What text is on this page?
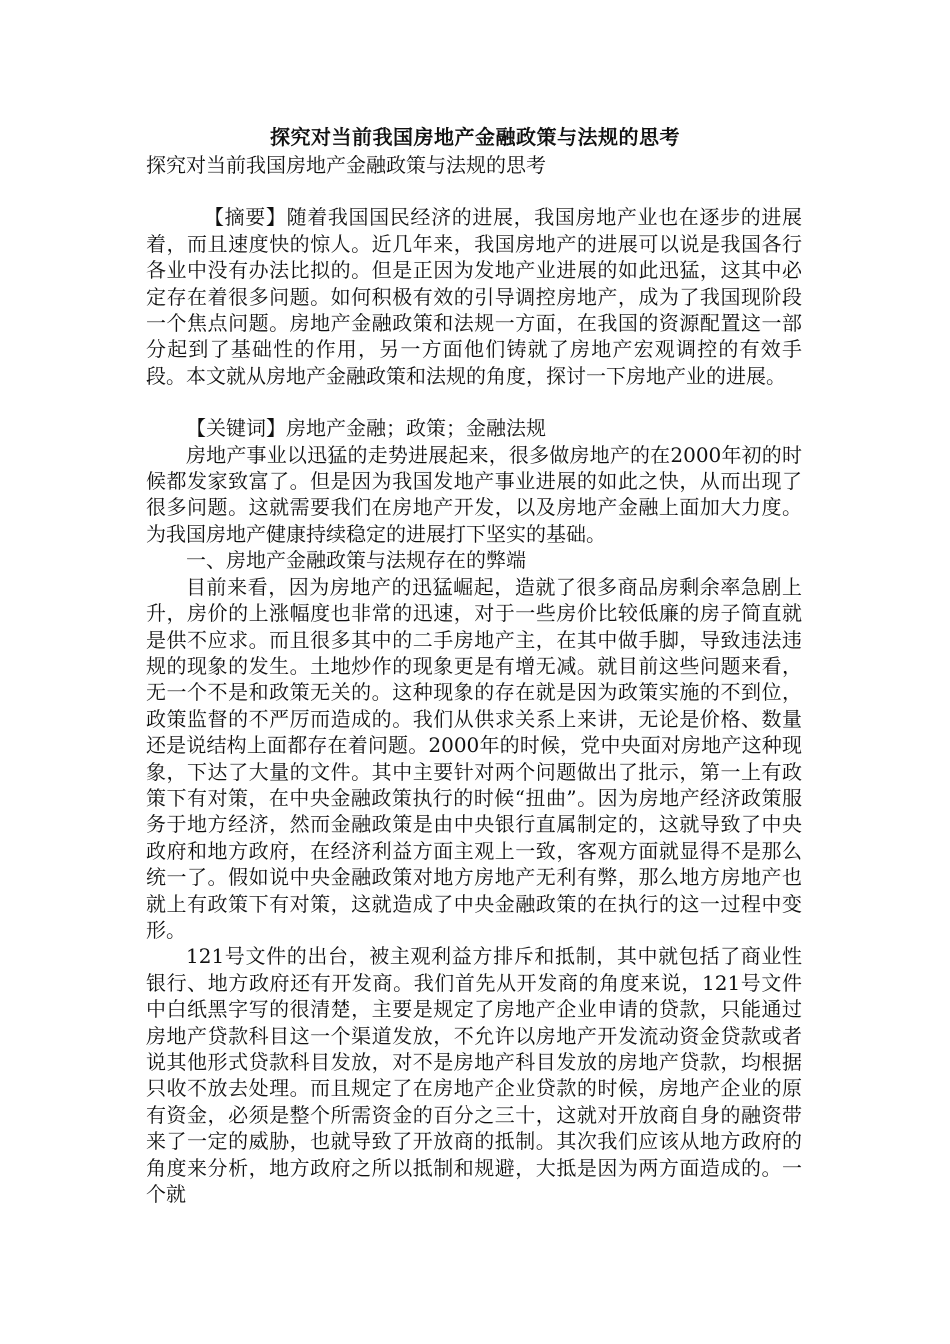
探究对当前我国房地产金融政策与法规的思考

探究对当前我国房地产金融政策与法规的思考

【摘要】随着我国国民经济的进展，我国房地产业也在逐步的进展着，而且速度快的惊人。近几年来，我国房地产的进展可以说是我国各行各业中没有办法比拟的。但是正因为发地产业进展的如此迅猛，这其中必定存在着很多问题。如何积极有效的引导调控房地产，成为了我国现阶段一个焦点问题。房地产金融政策和法规一方面，在我国的资源配置这一部分起到了基础性的作用，另一方面他们铸就了房地产宏观调控的有效手段。本文就从房地产金融政策和法规的角度，探讨一下房地产业的进展。

【关键词】房地产金融；政策；金融法规

房地产事业以迅猛的走势进展起来，很多做房地产的在2000年初的时候都发家致富了。但是因为我国发地产事业进展的如此之快，从而出现了很多问题。这就需要我们在房地产开发，以及房地产金融上面加大力度。为我国房地产健康持续稳定的进展打下坚实的基础。

一、房地产金融政策与法规存在的弊端

目前来看，因为房地产的迅猛崛起，造就了很多商品房剩余率急剧上升，房价的上涨幅度也非常的迅速，对于一些房价比较低廉的房子简直就是供不应求。而且很多其中的二手房地产主，在其中做手脚，导致违法违规的现象的发生。土地炒作的现象更是有增无减。就目前这些问题来看，无一个不是和政策无关的。这种现象的存在就是因为政策实施的不到位，政策监督的不严厉而造成的。我们从供求关系上来讲，无论是价格、数量还是说结构上面都存在着问题。2000年的时候，党中央面对房地产这种现象，下达了大量的文件。其中主要针对两个问题做出了批示，第一上有政策下有对策，在中央金融政策执行的时候“扭曲”。因为房地产经济政策服务于地方经济，然而金融政策是由中央银行直属制定的，这就导致了中央政府和地方政府，在经济利益方面主观上一致，客观方面就显得不是那么统一了。假如说中央金融政策对地方房地产无利有弊，那么地方房地产也就上有政策下有对策，这就造成了中央金融政策的在执行的这一过程中变形。

121号文件的出台，被主观利益方排斥和抵制，其中就包括了商业性银行、地方政府还有开发商。我们首先从开发商的角度来说，121号文件中白纸黑字写的很清楚，主要是规定了房地产企业申请的贷款，只能通过房地产贷款科目这一个渠道发放，不允许以房地产开发流动资金贷款或者说其他形式贷款科目发放，对不是房地产科目发放的房地产贷款，均根据只收不放去处理。而且规定了在房地产企业贷款的时候，房地产企业的原有资金，必须是整个所需资金的百分之三十，这就对开放商自身的融资带来了一定的威胁，也就导致了开放商的抵制。其次我们应该从地方政府的角度来分析，地方政府之所以抵制和规避，大抵是因为两方面造成的。一个就
